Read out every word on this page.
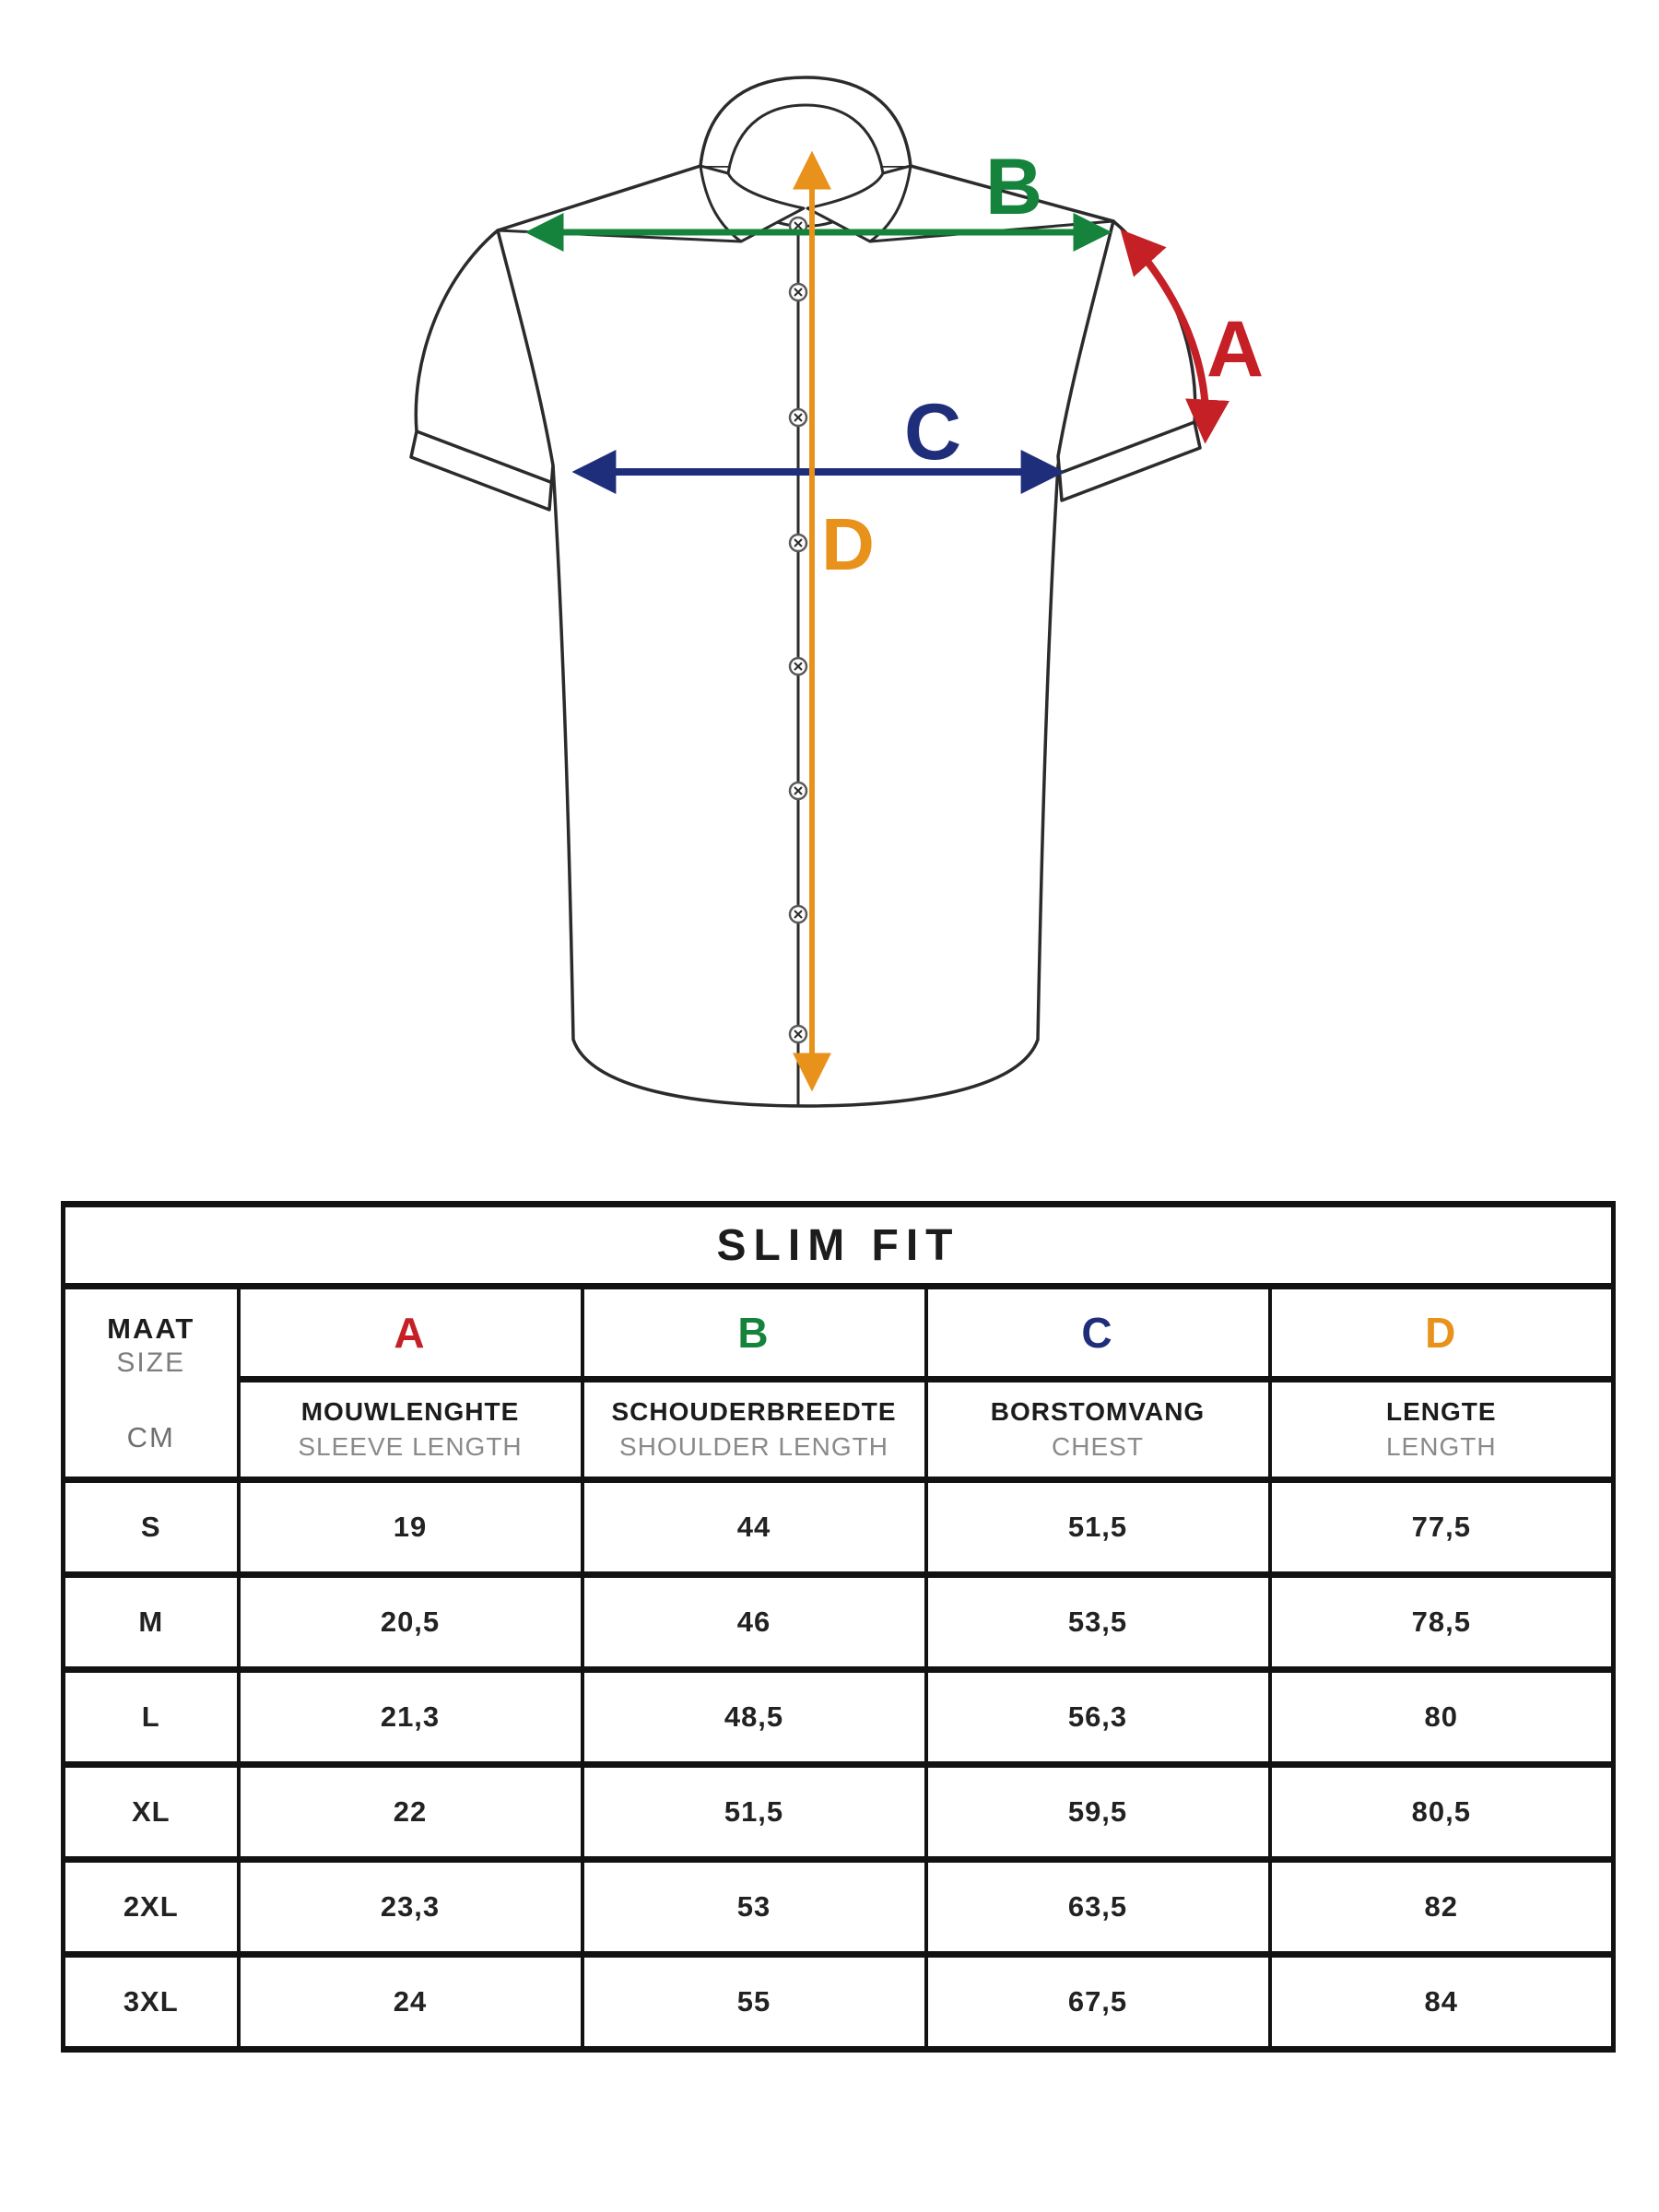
B
A
C
D
SLIM FIT				

MAAT
SIZE
CM	A	B	C	D

MOUWLENGHTE
SLEEVE LENGTH

SCHOUDERBREEDTE
SHOULDER LENGTH

BORSTOMVANG
CHEST

LENGTE
LENGTH

S	19	44	51,5	77,5
M	20,5	46	53,5	78,5
L	21,3	48,5	56,3	80
XL	22	51,5	59,5	80,5
2XL	23,3	53	63,5	82
3XL	24	55	67,5	84
